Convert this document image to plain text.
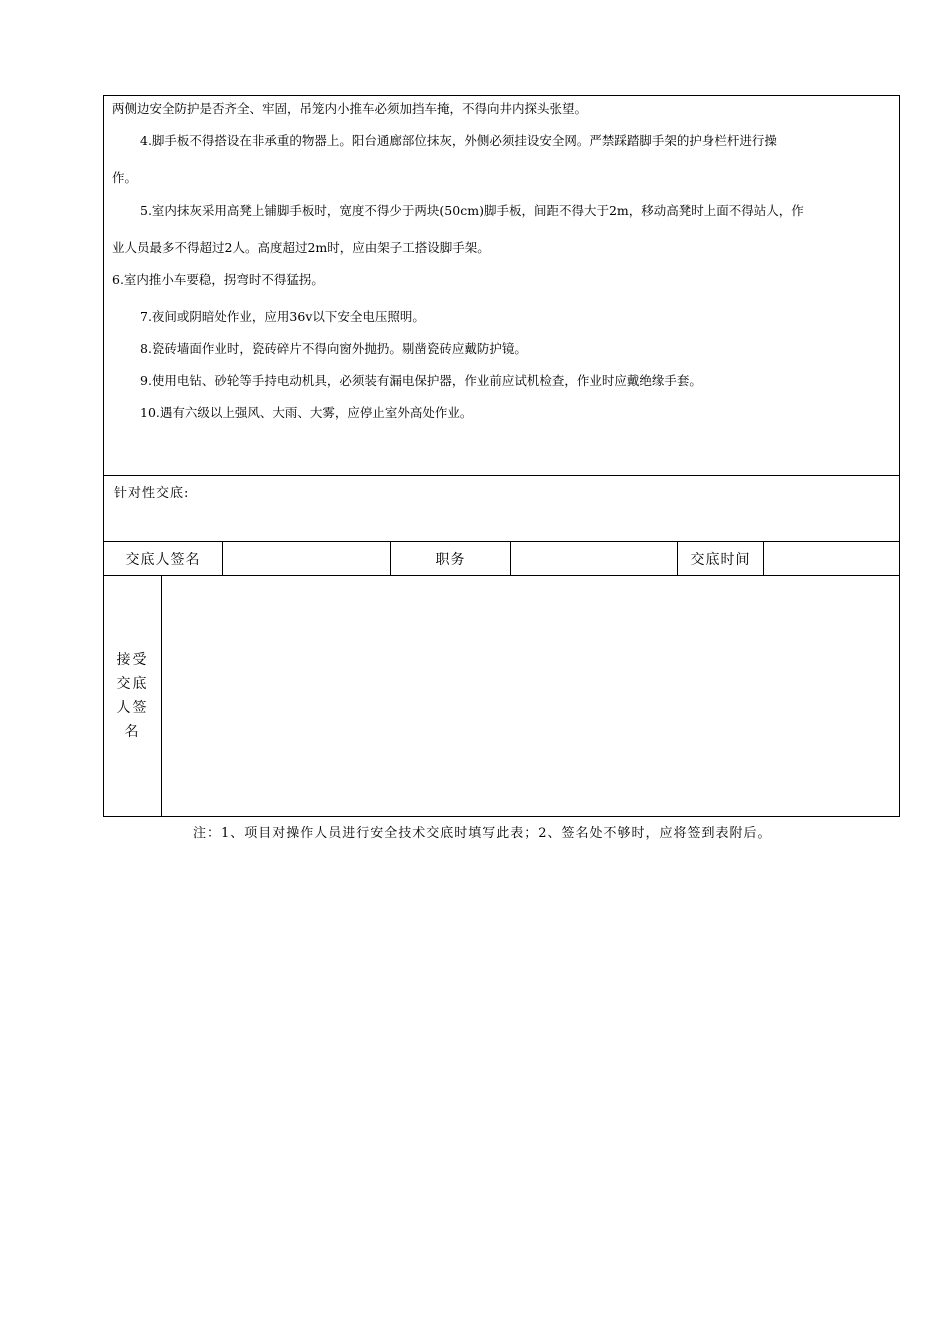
两侧边安全防护是否齐全、牢固，吊笼内小推车必须加挡车掩，不得向井内探头张望。
4.脚手板不得搭设在非承重的物器上。阳台通廊部位抹灰，外侧必须挂设安全网。严禁踩踏脚手架的护身栏杆进行操
作。
5.室内抹灰采用高凳上铺脚手板时，宽度不得少于两块(50cm)脚手板，间距不得大于2m，移动高凳时上面不得站人，作
业人员最多不得超过2人。高度超过2m时，应由架子工搭设脚手架。
6.室内推小车要稳，拐弯时不得猛拐。
7.夜间或阴暗处作业，应用36v以下安全电压照明。
8.瓷砖墙面作业时，瓷砖碎片不得向窗外抛扔。剔凿瓷砖应戴防护镜。
9.使用电钻、砂轮等手持电动机具，必须装有漏电保护器，作业前应试机检查，作业时应戴绝缘手套。
10.遇有六级以上强风、大雨、大雾，应停止室外高处作业。
针对性交底:
交底人签名	职务	交底时间
接受交底人签名
注：1、项目对操作人员进行安全技术交底时填写此表；2、签名处不够时，应将签到表附后。
